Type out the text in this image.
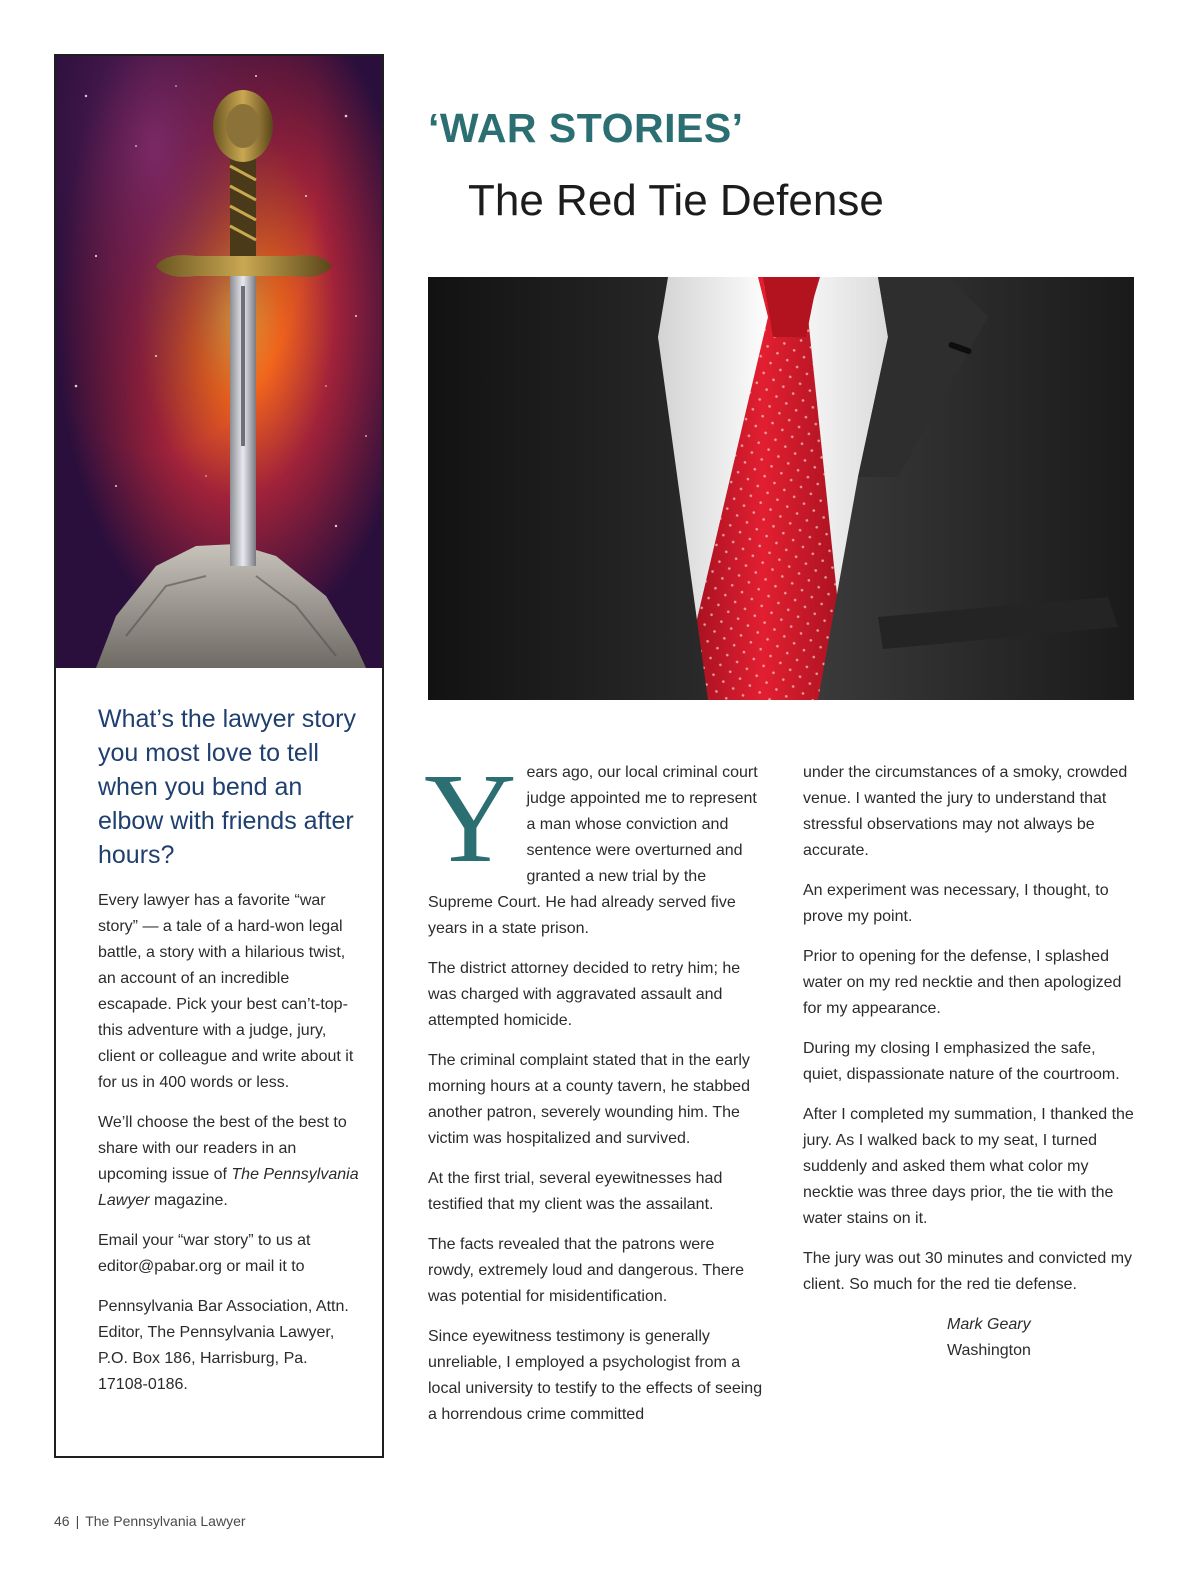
What’s the lawyer story you most love to tell when you bend an elbow with friends after hours?

Every lawyer has a favorite “war story” — a tale of a hard-won legal battle, a story with a hilarious twist, an account of an incredible escapade. Pick your best can’t-top-this adventure with a judge, jury, client or colleague and write about it for us in 400 words or less.

We’ll choose the best of the best to share with our readers in an upcoming issue of The Pennsylvania Lawyer magazine.

Email your “war story” to us at editor@pabar.org or mail it to

Pennsylvania Bar Association, Attn. Editor, The Pennsylvania Lawyer, P.O. Box 186, Harrisburg, Pa. 17108-0186.

‘WAR STORIES’
The Red Tie Defense

Years ago, our local criminal court judge appointed me to represent a man whose conviction and sentence were overturned and granted a new trial by the Supreme Court. He had already served five years in a state prison.

The district attorney decided to retry him; he was charged with aggravated assault and attempted homicide.

The criminal complaint stated that in the early morning hours at a county tavern, he stabbed another patron, severely wounding him. The victim was hospitalized and survived.

At the first trial, several eyewitnesses had testified that my client was the assailant.

The facts revealed that the patrons were rowdy, extremely loud and dangerous. There was potential for misidentification.

Since eyewitness testimony is generally unreliable, I employed a psychologist from a local university to testify to the effects of seeing a horrendous crime committed

under the circumstances of a smoky, crowded venue. I wanted the jury to understand that stressful observations may not always be accurate.

An experiment was necessary, I thought, to prove my point.

Prior to opening for the defense, I splashed water on my red necktie and then apologized for my appearance.

During my closing I emphasized the safe, quiet, dispassionate nature of the courtroom.

After I completed my summation, I thanked the jury. As I walked back to my seat, I turned suddenly and asked them what color my necktie was three days prior, the tie with the water stains on it.

The jury was out 30 minutes and convicted my client. So much for the red tie defense.

Mark Geary
Washington
46 | The Pennsylvania Lawyer
